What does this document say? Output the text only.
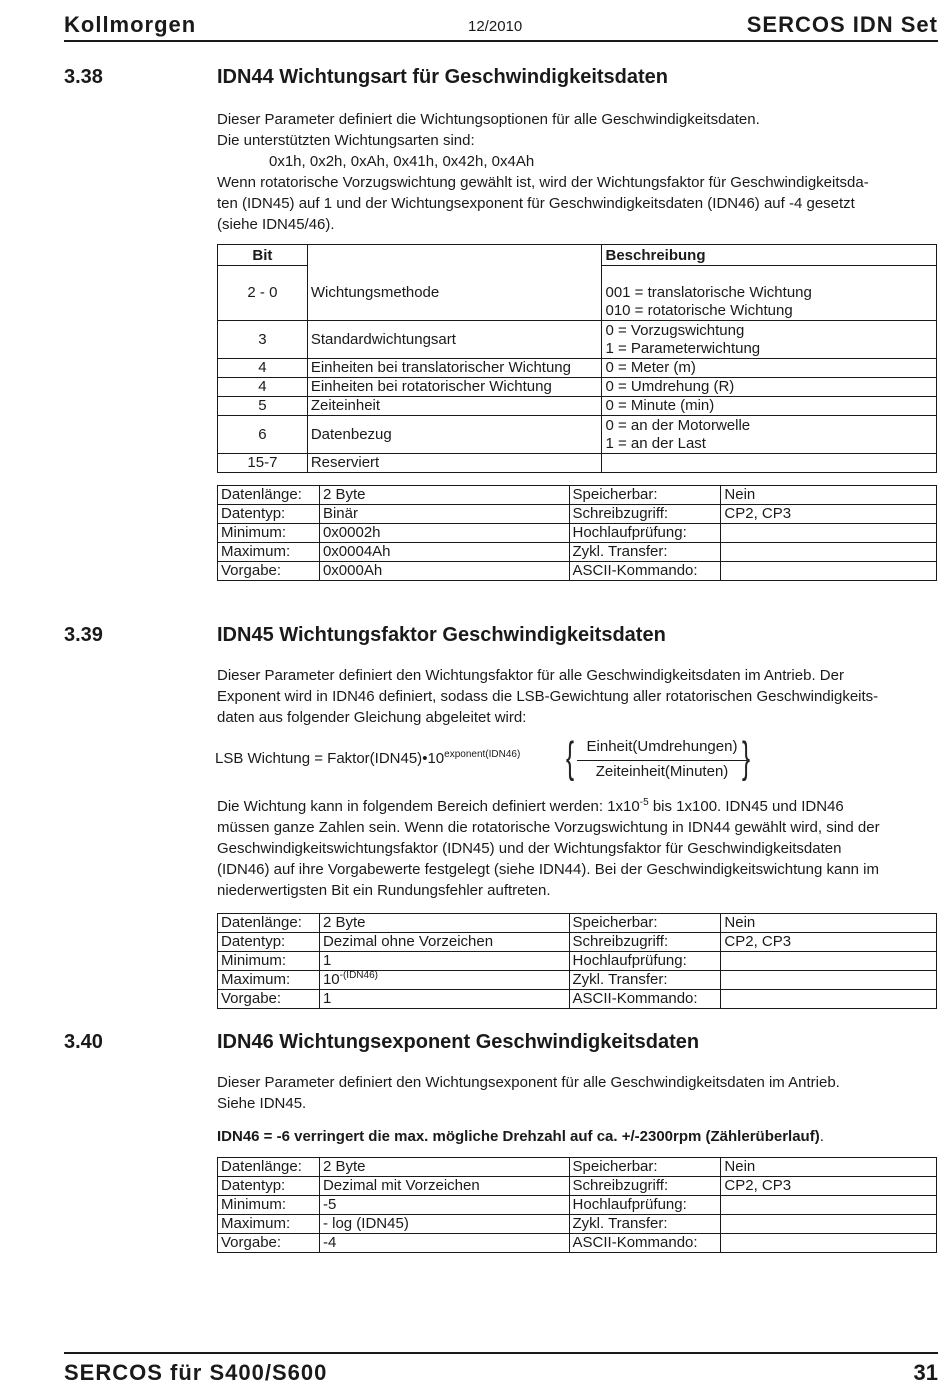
Kollmorgen	12/2010	SERCOS IDN Set
3.38	IDN44 Wichtungsart für Geschwindigkeitsdaten

Dieser Parameter definiert die Wichtungsoptionen für alle Geschwindigkeitsdaten.

Die unterstützten Wichtungsarten sind:

0x1h, 0x2h, 0xAh, 0x41h, 0x42h, 0x4Ah

Wenn rotatorische Vorzugswichtung gewählt ist, wird der Wichtungsfaktor für Geschwindigkeitsda-

ten (IDN45) auf 1 und der Wichtungsexponent für Geschwindigkeitsdaten (IDN46) auf -4 gesetzt

(siehe IDN45/46).

Bit		Beschreibung
2 - 0	Wichtungsmethode	001 = translatorische Wichtung
010 = rotatorische Wichtung

3	Standardwichtungsart	0 = Vorzugswichtung
1 = Parameterwichtung

4	Einheiten bei translatorischer Wichtung	0 = Meter (m)
4	Einheiten bei rotatorischer Wichtung	0 = Umdrehung (R)
5	Zeiteinheit	0 = Minute (min)
6	Datenbezug	0 = an der Motorwelle
1 = an der Last

15-7	Reserviert	
Datenlänge:	2 Byte	Speicherbar:	Nein
Datentyp:	Binär	Schreibzugriff:	CP2, CP3
Minimum:	0x0002h	Hochlaufprüfung:	
Maximum:	0x0004Ah	Zykl. Transfer:	
Vorgabe:	0x000Ah	ASCII-Kommando:	
3.39	IDN45 Wichtungsfaktor Geschwindigkeitsdaten

Dieser Parameter definiert den Wichtungsfaktor für alle Geschwindigkeitsdaten im Antrieb. Der

Exponent wird in IDN46 definiert, sodass die LSB-Gewichtung aller rotatorischen Geschwindigkeits-

daten aus folgender Gleichung abgeleitet wird:

LSB Wichtung = $Faktor(IDN45)•10^{exponent(IDN46)}$ { Einheit(Umdrehungen)
Zeiteinheit(Minuten) }

Die Wichtung kann in folgendem Bereich definiert werden: $1x10^{-5}$ bis 1x100. IDN45 und IDN46

müssen ganze Zahlen sein. Wenn die rotatorische Vorzugswichtung in IDN44 gewählt wird, sind der

Geschwindigkeitswichtungsfaktor (IDN45) und der Wichtungsfaktor für Geschwindigkeitsdaten

(IDN46) auf ihre Vorgabewerte festgelegt (siehe IDN44). Bei der Geschwindigkeitswichtung kann im

niederwertigsten Bit ein Rundungsfehler auftreten.

Datenlänge:	2 Byte	Speicherbar:	Nein
Datentyp:	Dezimal ohne Vorzeichen	Schreibzugriff:	CP2, CP3
Minimum:	1	Hochlaufprüfung:	
Maximum:	$10^{-(IDN46)}$	Zykl. Transfer:	
Vorgabe:	1	ASCII-Kommando:	
3.40	IDN46 Wichtungsexponent Geschwindigkeitsdaten

Dieser Parameter definiert den Wichtungsexponent für alle Geschwindigkeitsdaten im Antrieb.

Siehe IDN45.

IDN46 = -6 verringert die max. mögliche Drehzahl auf ca. +/-2300rpm (Zählerüberlauf).

Datenlänge:	2 Byte	Speicherbar:	Nein
Datentyp:	Dezimal mit Vorzeichen	Schreibzugriff:	CP2, CP3
Minimum:	-5	Hochlaufprüfung:	
Maximum:	- log (IDN45)	Zykl. Transfer:	
Vorgabe:	-4	ASCII-Kommando:	
SERCOS für S400/S600	31
